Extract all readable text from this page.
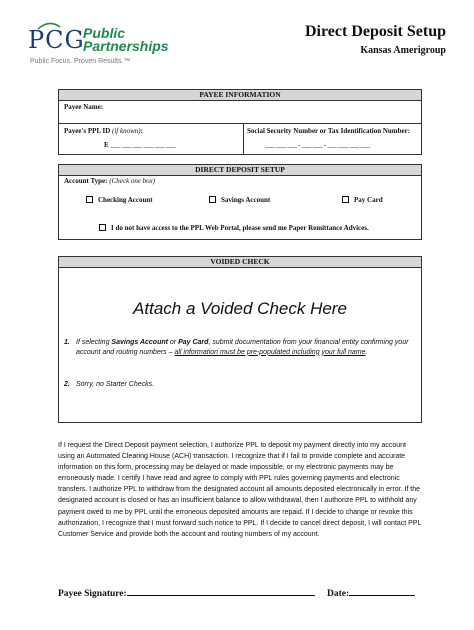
PCG
Public
Partnerships
Public Focus. Proven Results.™
Direct Deposit Setup
Kansas Amerigroup
PAYEE INFORMATION
Payee Name:
Payee's PPL ID (if known):
E ___ ___ ___ ___ ___ ___
Social Security Number or Tax Identification Number:
___ ___ ___ - ___ ___ - ___ ___ ___ ___
DIRECT DEPOSIT SETUP
Account Type: (Check one box)
Checking Account	Savings Account	Pay Card
I do not have access to the PPL Web Portal, please send me Paper Remittance Advices.
VOIDED CHECK
Attach a Voided Check Here
1. If selecting Savings Account or Pay Card, submit documentation from your financial entity confirming your account and routing numbers – all information must be pre-populated including your full name.
2. Sorry, no Starter Checks.
If I request the Direct Deposit payment selection, I authorize PPL to deposit my payment directly into my account using an Automated Clearing House (ACH) transaction. I recognize that if I fail to provide complete and accurate information on this form, processing may be delayed or made impossible, or my electronic payments may be erroneously made. I certify I have read and agree to comply with PPL rules governing payments and electronic transfers. I authorize PPL to withdraw from the designated account all amounts deposited electronically in error. If the designated account is closed or has an insufficient balance to allow withdrawal, then I authorize PPL to withhold any payment owed to me by PPL until the erroneous deposited amounts are repaid. If I decide to change or revoke this authorization, I recognize that I must forward such notice to PPL. If I decide to cancel direct deposit, I will contact PPL Customer Service and provide both the account and routing numbers of my account.
Payee Signature:	Date:
